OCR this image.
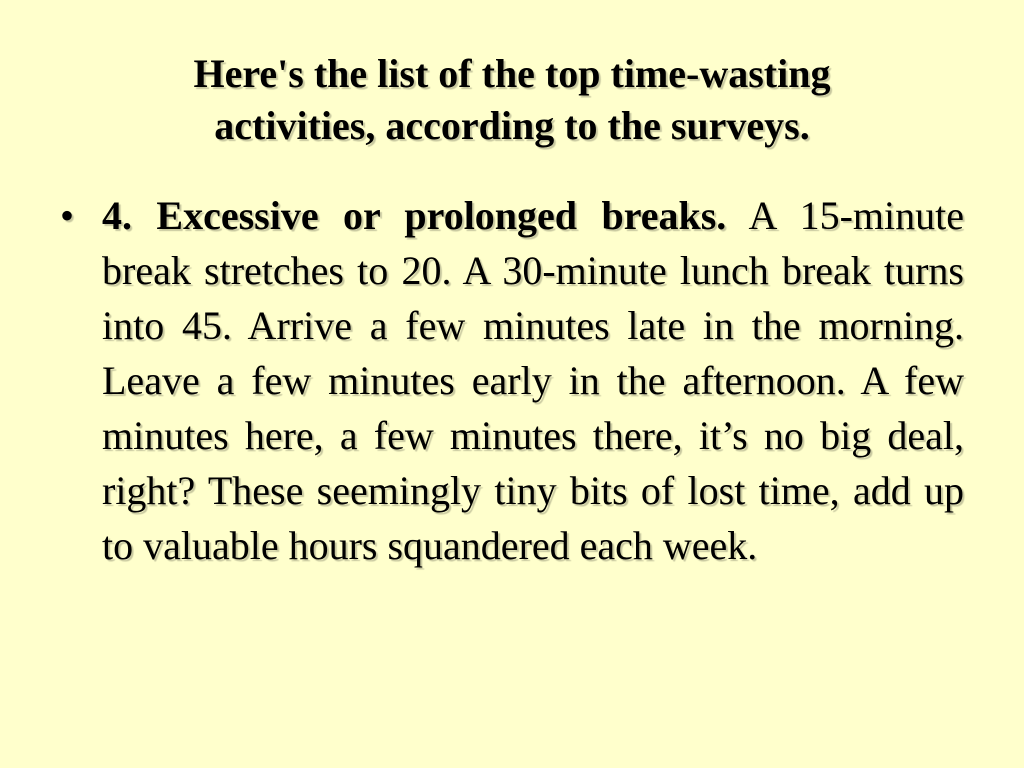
Here's the list of the top time-wasting activities, according to the surveys.
• 4. Excessive or prolonged breaks. A 15-minute break stretches to 20. A 30-minute lunch break turns into 45. Arrive a few minutes late in the morning. Leave a few minutes early in the afternoon. A few minutes here, a few minutes there, it’s no big deal, right? These seemingly tiny bits of lost time, add up to valuable hours squandered each week.
